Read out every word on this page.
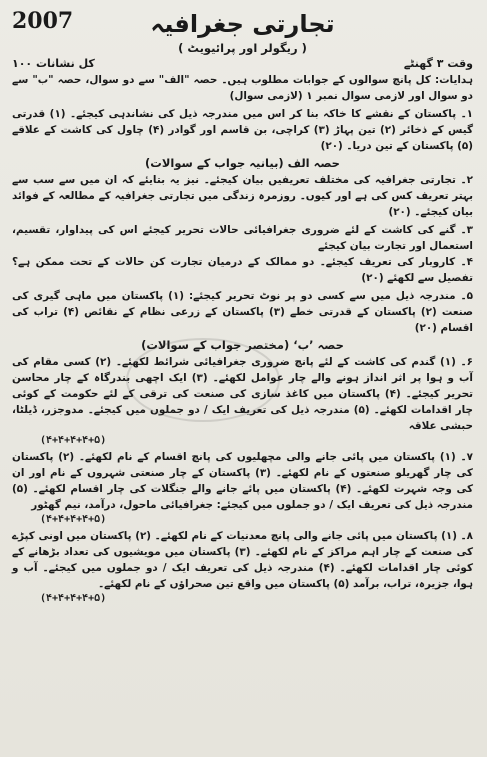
2007	تجارتی جغرافیہ
( ریگولر اور پرائیویٹ )
وقت ۳ گھنٹے
کل نشانات ۱۰۰

ہدایات: کل پانچ سوالوں کے جوابات مطلوب ہیں۔ حصہ "الف" سے دو سوال، حصہ "ب" سے دو سوال اور لازمی سوال نمبر ۱ (لازمی سوال)

۱۔ پاکستان کے نقشے کا خاکہ بنا کر اس میں مندرجہ ذیل کی نشاندہی کیجئے۔ (۱) قدرتی گیس کے ذخائر (۲) تین پہاڑ (۳) کراچی، بن قاسم اور گوادر (۴) چاول کی کاشت کے علاقے (۵) پاکستان کے تین دریا۔ (۲۰)

حصہ الف (بیانیہ جواب کے سوالات)

۲۔ تجارتی جغرافیہ کی مختلف تعریفیں بیان کیجئے۔ نیز یہ بتایئے کہ ان میں سے سب سے بہتر تعریف کس کی ہے اور کیوں۔ روزمرہ زندگی میں تجارتی جغرافیہ کے مطالعہ کے فوائد بیان کیجئے۔ (۲۰)

۳۔ گنے کی کاشت کے لئے ضروری جغرافیائی حالات تحریر کیجئے اس کی پیداوار، تقسیم، استعمال اور تجارت بیان کیجئے

۴۔ کاروبار کی تعریف کیجئے۔ دو ممالک کے درمیان تجارت کن حالات کے تحت ممکن ہے؟ تفصیل سے لکھئے (۲۰)

۵۔ مندرجہ ذیل میں سے کسی دو پر نوٹ تحریر کیجئے: (۱) پاکستان میں ماہی گیری کی صنعت (۲) پاکستان کے قدرتی خطے (۳) پاکستان کے زرعی نظام کے نقائص (۴) تراب کی اقسام (۲۰)

حصہ ’ب‘ (مختصر جواب کے سوالات)

۶۔ (۱) گندم کی کاشت کے لئے پانچ ضروری جغرافیائی شرائط لکھئے۔ (۲) کسی مقام کی آب و ہوا پر اثر انداز ہونے والے چار عوامل لکھئے۔ (۳) ایک اچھی بندرگاہ کے چار محاسن تحریر کیجئے۔ (۴) پاکستان میں کاغذ سازی کی صنعت کی ترقی کے لئے حکومت کے کوئی چار اقدامات لکھئے۔ (۵) مندرجہ ذیل کی تعریف ایک / دو جملوں میں کیجئے۔ مدوجزر، ڈیلٹا، حبشی علاقہ

(۴+۴+۴+۴+۵)

۷۔ (۱) پاکستان میں پائی جانے والی مچھلیوں کی پانچ اقسام کے نام لکھئے۔ (۲) پاکستان کی چار گھریلو صنعتوں کے نام لکھئے۔ (۳) پاکستان کے چار صنعتی شہروں کے نام اور ان کی وجہ شہرت لکھئے۔ (۴) پاکستان میں پائے جانے والے جنگلات کی چار اقسام لکھئے۔ (۵) مندرجہ ذیل کی تعریف ایک / دو جملوں میں کیجئے: جغرافیائی ماحول، درآمد، نیم گھٹور

(۴+۴+۴+۴+۵)

۸۔ (۱) پاکستان میں پائی جانے والی پانچ معدنیات کے نام لکھئے۔ (۲) پاکستان میں اونی کپڑے کی صنعت کے چار اہم مراکز کے نام لکھئے۔ (۳) پاکستان میں مویشیوں کی تعداد بڑھانے کے کوئی چار اقدامات لکھئے۔ (۴) مندرجہ ذیل کی تعریف ایک / دو جملوں میں کیجئے۔ آب و ہوا، جزیرہ، تراب، برآمد (۵) پاکستان میں واقع تین صحراؤں کے نام لکھئے۔

(۴+۴+۴+۴+۵)
